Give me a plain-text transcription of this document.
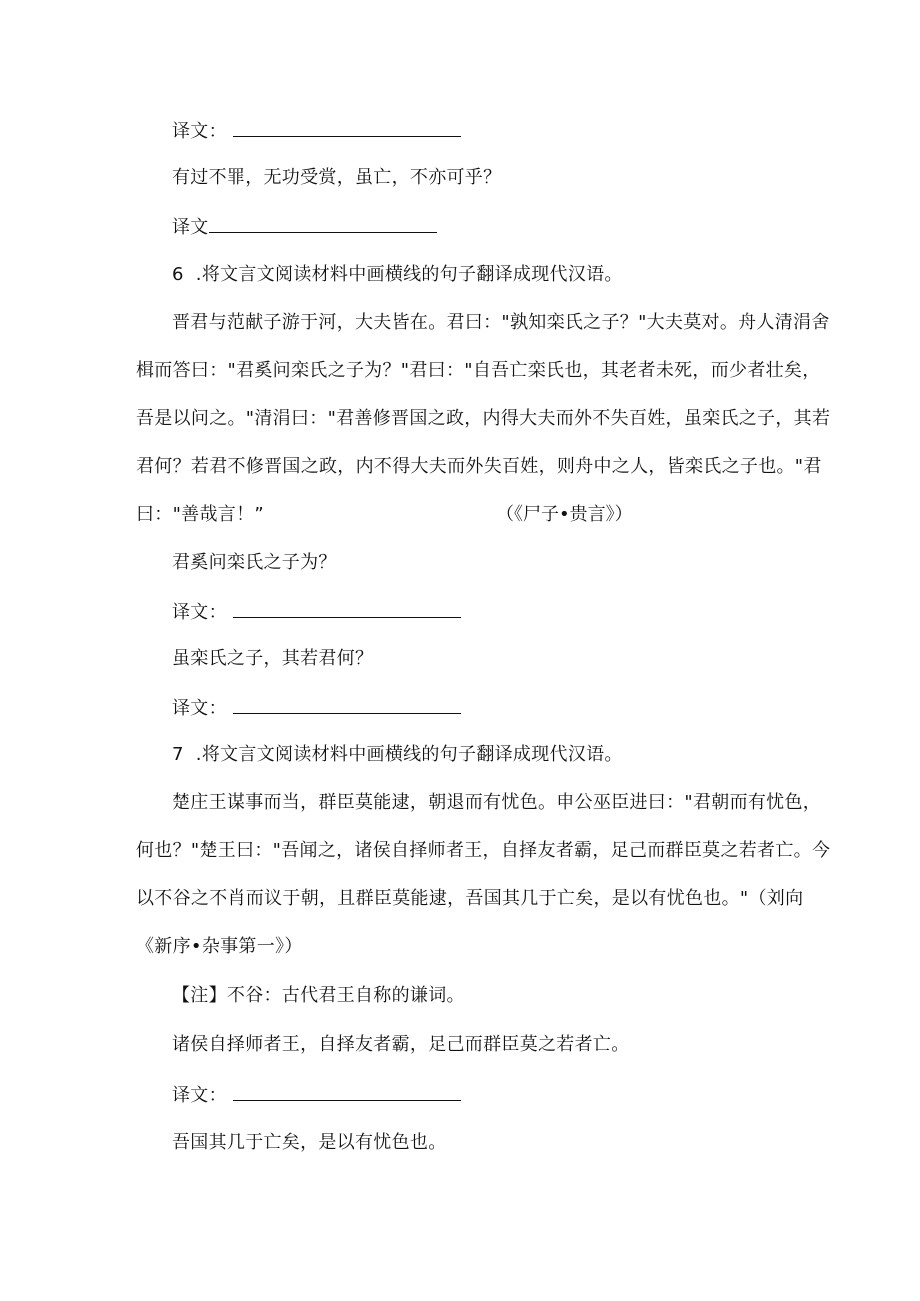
译文：
有过不罪，无功受赏，虽亡，不亦可乎？
译文
6 .将文言文阅读材料中画横线的句子翻译成现代汉语。
晋君与范献子游于河，大夫皆在。君曰："孰知栾氏之子？"大夫莫对。舟人清涓舍
楫而答曰："君奚问栾氏之子为？"君曰："自吾亡栾氏也，其老者未死，而少者壮矣，
吾是以问之。"清涓曰："君善修晋国之政，内得大夫而外不失百姓，虽栾氏之子，其若
君何？若君不修晋国之政，内不得大夫而外失百姓，则舟中之人，皆栾氏之子也。"君
曰："善哉言！”	（《尸子•贵言》）
君奚问栾氏之子为？
译文：
虽栾氏之子，其若君何？
译文：
7 .将文言文阅读材料中画横线的句子翻译成现代汉语。
楚庄王谋事而当，群臣莫能逮，朝退而有忧色。申公巫臣进曰："君朝而有忧色，
何也？"楚王曰："吾闻之，诸侯自择师者王，自择友者霸，足己而群臣莫之若者亡。今
以不谷之不肖而议于朝，且群臣莫能逮，吾国其几于亡矣，是以有忧色也。"（刘向
《新序•杂事第一》）
【注】不谷：古代君王自称的谦词。
诸侯自择师者王，自择友者霸，足己而群臣莫之若者亡。
译文：
吾国其几于亡矣，是以有忧色也。
